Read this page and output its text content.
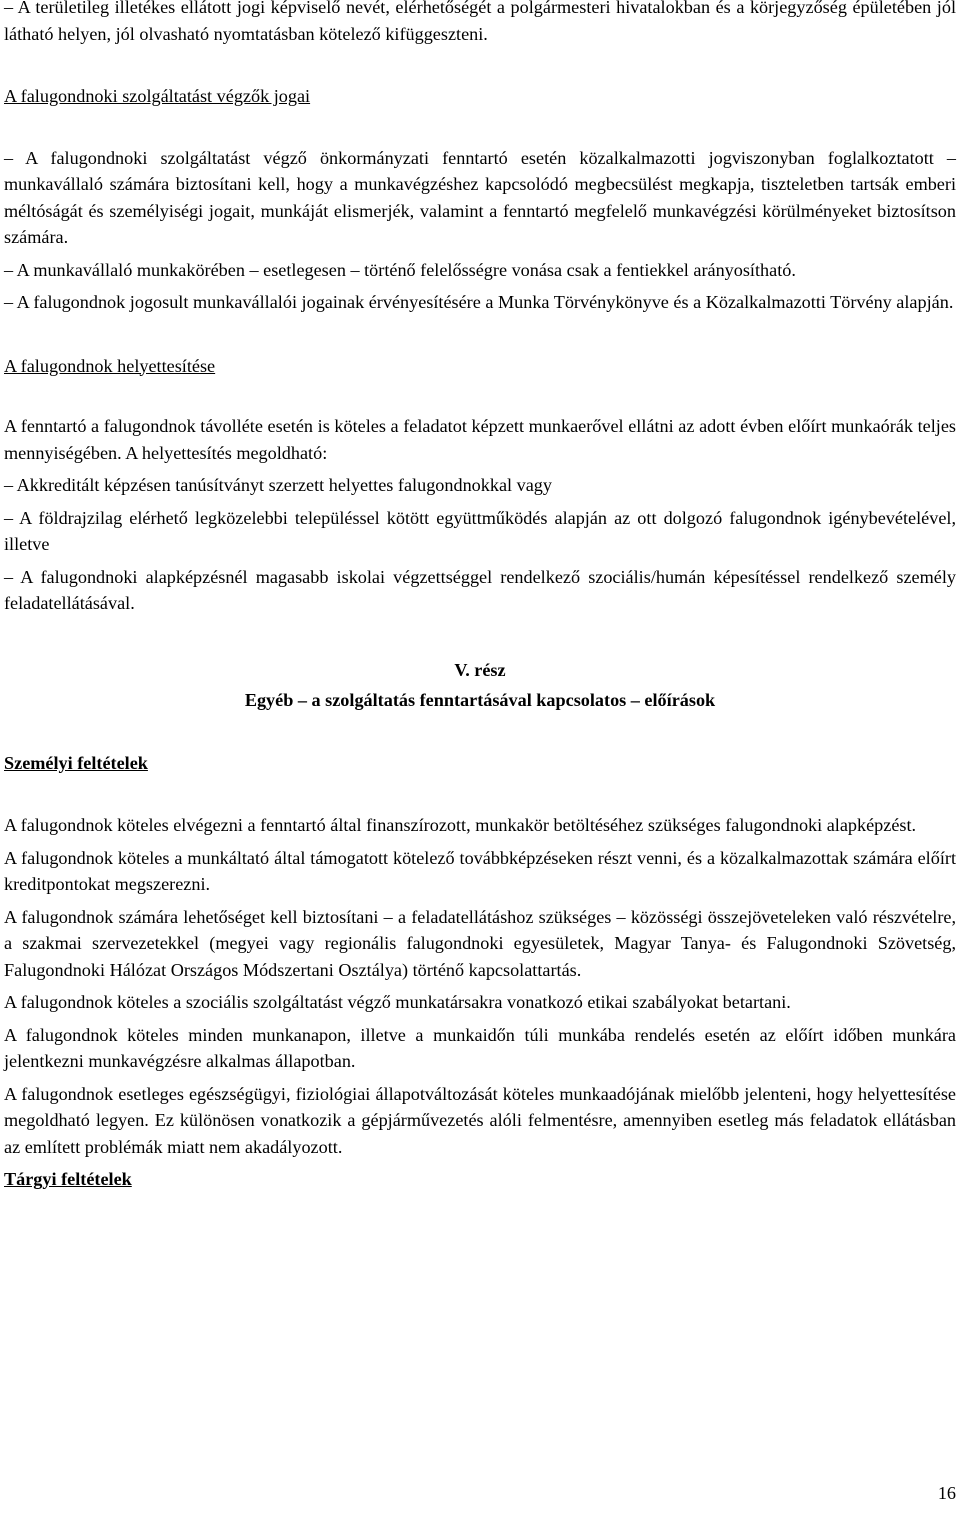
– A területileg illetékes ellátott jogi képviselő nevét, elérhetőségét a polgármesteri hivatalokban és a körjegyzőség épületében jól látható helyen, jól olvasható nyomtatásban kötelező kifüggeszteni.

A falugondnoki szolgáltatást végzők jogai

– A falugondnoki szolgáltatást végző önkormányzati fenntartó esetén közalkalmazotti jogviszonyban foglalkoztatott – munkavállaló számára biztosítani kell, hogy a munkavégzéshez kapcsolódó megbecsülést megkapja, tiszteletben tartsák emberi méltóságát és személyiségi jogait, munkáját elismerjék, valamint a fenntartó megfelelő munkavégzési körülményeket biztosítson számára.

– A munkavállaló munkakörében – esetlegesen – történő felelősségre vonása csak a fentiekkel arányosítható.

– A falugondnok jogosult munkavállalói jogainak érvényesítésére a Munka Törvénykönyve és a Közalkalmazotti Törvény alapján.

A falugondnok helyettesítése

A fenntartó a falugondnok távolléte esetén is köteles a feladatot képzett munkaerővel ellátni az adott évben előírt munkaórák teljes mennyiségében. A helyettesítés megoldható:

– Akkreditált képzésen tanúsítványt szerzett helyettes falugondnokkal vagy

– A földrajzilag elérhető legközelebbi településsel kötött együttműködés alapján az ott dolgozó falugondnok igénybevételével, illetve

– A falugondnoki alapképzésnél magasabb iskolai végzettséggel rendelkező szociális/humán képesítéssel rendelkező személy feladatellátásával.

V. rész
Egyéb – a szolgáltatás fenntartásával kapcsolatos – előírások
Személyi feltételek

A falugondnok köteles elvégezni a fenntartó által finanszírozott, munkakör betöltéséhez szükséges falugondnoki alapképzést.

A falugondnok köteles a munkáltató által támogatott kötelező továbbképzéseken részt venni, és a közalkalmazottak számára előírt kreditpontokat megszerezni.

A falugondnok számára lehetőséget kell biztosítani – a feladatellátáshoz szükséges – közösségi összejöveteleken való részvételre, a szakmai szervezetekkel (megyei vagy regionális falugondnoki egyesületek, Magyar Tanya- és Falugondnoki Szövetség, Falugondnoki Hálózat Országos Módszertani Osztálya) történő kapcsolattartás.

A falugondnok köteles a szociális szolgáltatást végző munkatársakra vonatkozó etikai szabályokat betartani.

A falugondnok köteles minden munkanapon, illetve a munkaidőn túli munkába rendelés esetén az előírt időben munkára jelentkezni munkavégzésre alkalmas állapotban.

A falugondnok esetleges egészségügyi, fiziológiai állapotváltozását köteles munkaadójának mielőbb jelenteni, hogy helyettesítése megoldható legyen. Ez különösen vonatkozik a gépjárművezetés alóli felmentésre, amennyiben esetleg más feladatok ellátásban az említett problémák miatt nem akadályozott.

Tárgyi feltételek
16
